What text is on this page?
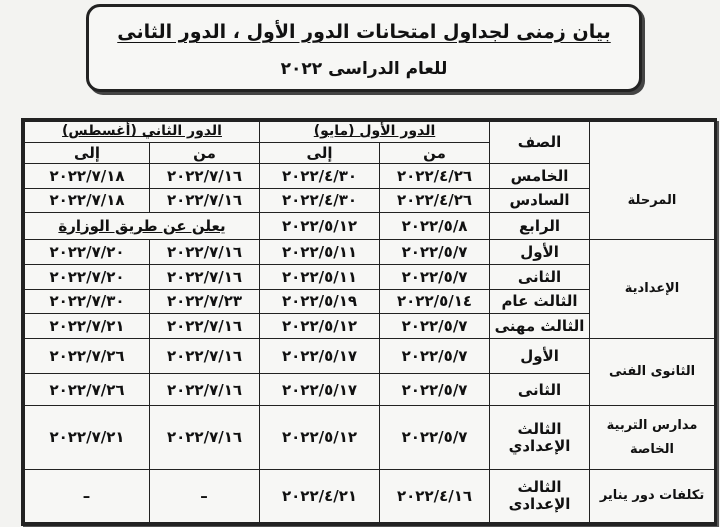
بيان زمنى لجداول امتحانات الدور الأول ، الدور الثانى
للعام الدراسى ٢٠٢٢
	الصف	الدور الأول (مايو)		الدور الثاني (أغسطس)	
		من	إلى	من	إلى
المرحلة	الخامس	٢٠٢٢/٤/٢٦	٢٠٢٢/٤/٣٠	٢٠٢٢/٧/١٦	٢٠٢٢/٧/١٨
	السادس	٢٠٢٢/٤/٢٦	٢٠٢٢/٤/٣٠	٢٠٢٢/٧/١٦	٢٠٢٢/٧/١٨
	الرابع	٢٠٢٢/٥/٨	٢٠٢٢/٥/١٢	يعلن عن طريق الوزارة	
الإعدادية	الأول	٢٠٢٢/٥/٧	٢٠٢٢/٥/١١	٢٠٢٢/٧/١٦	٢٠٢٢/٧/٢٠
	الثانى	٢٠٢٢/٥/٧	٢٠٢٢/٥/١١	٢٠٢٢/٧/١٦	٢٠٢٢/٧/٢٠
	الثالث عام	٢٠٢٢/٥/١٤	٢٠٢٢/٥/١٩	٢٠٢٢/٧/٢٣	٢٠٢٢/٧/٣٠
	الثالث مهنى	٢٠٢٢/٥/٧	٢٠٢٢/٥/١٢	٢٠٢٢/٧/١٦	٢٠٢٢/٧/٢١
الثانوى الفنى	الأول	٢٠٢٢/٥/٧	٢٠٢٢/٥/١٧	٢٠٢٢/٧/١٦	٢٠٢٢/٧/٢٦
	الثانى	٢٠٢٢/٥/٧	٢٠٢٢/٥/١٧	٢٠٢٢/٧/١٦	٢٠٢٢/٧/٢٦
مدارس التربية الخاصة	الثالث الإعدادي	٢٠٢٢/٥/٧	٢٠٢٢/٥/١٢	٢٠٢٢/٧/١٦	٢٠٢٢/٧/٢١
تكلفات دور يناير	الثالث الإعدادى	٢٠٢٢/٤/١٦	٢٠٢٢/٤/٢١	–	–
